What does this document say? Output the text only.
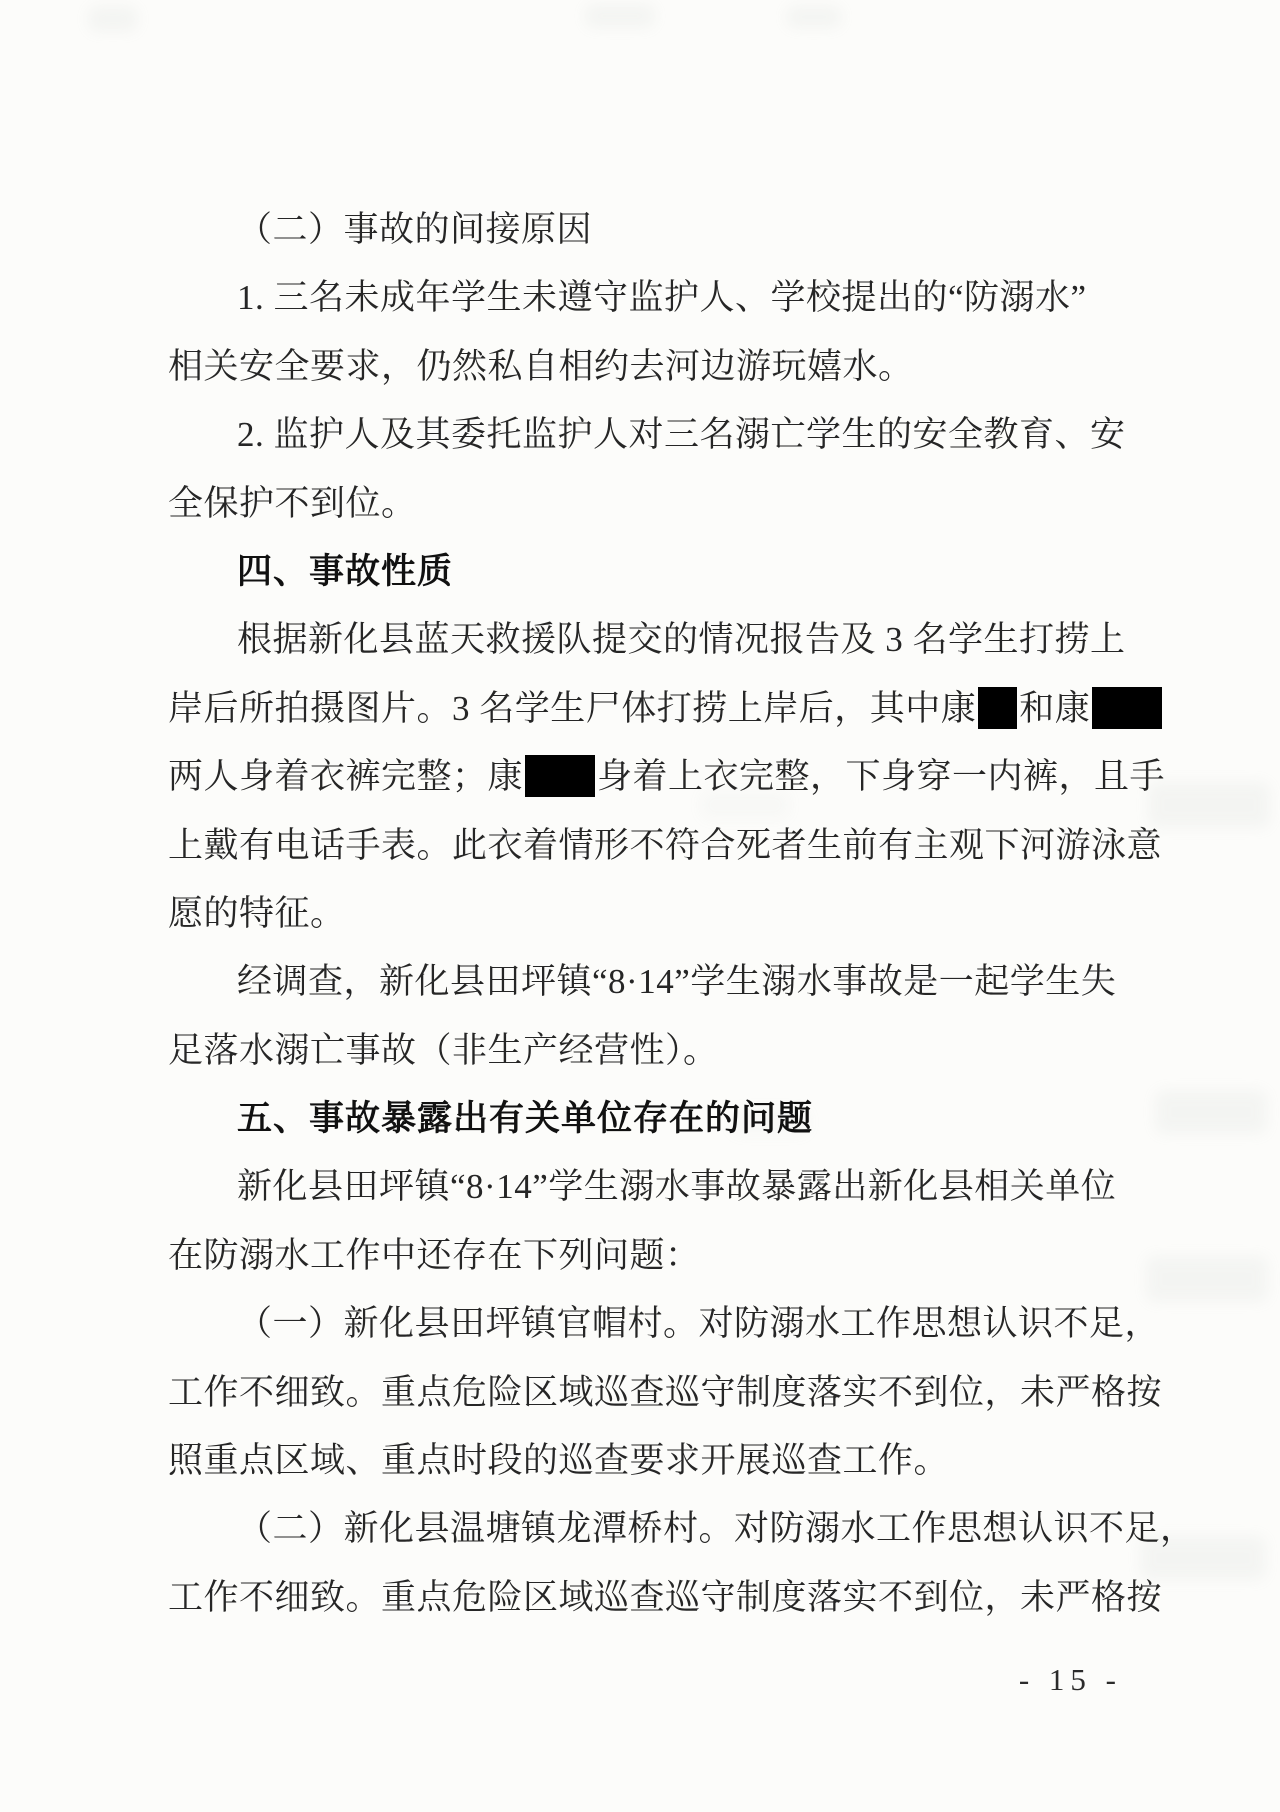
（二）事故的间接原因
1. 三名未成年学生未遵守监护人、学校提出的“防溺水”
相关安全要求，仍然私自相约去河边游玩嬉水。
2. 监护人及其委托监护人对三名溺亡学生的安全教育、安
全保护不到位。
四、事故性质
根据新化县蓝天救援队提交的情况报告及 3 名学生打捞上
岸后所拍摄图片。3 名学生尸体打捞上岸后，其中康 和康
两人身着衣裤完整；康 身着上衣完整，下身穿一内裤，且手
上戴有电话手表。此衣着情形不符合死者生前有主观下河游泳意
愿的特征。
经调查，新化县田坪镇“8·14”学生溺水事故是一起学生失
足落水溺亡事故（非生产经营性）。
五、事故暴露出有关单位存在的问题
新化县田坪镇“8·14”学生溺水事故暴露出新化县相关单位
在防溺水工作中还存在下列问题：
（一）新化县田坪镇官帽村。对防溺水工作思想认识不足，
工作不细致。重点危险区域巡查巡守制度落实不到位，未严格按
照重点区域、重点时段的巡查要求开展巡查工作。
（二）新化县温塘镇龙潭桥村。对防溺水工作思想认识不足，
工作不细致。重点危险区域巡查巡守制度落实不到位，未严格按
- 15 -
